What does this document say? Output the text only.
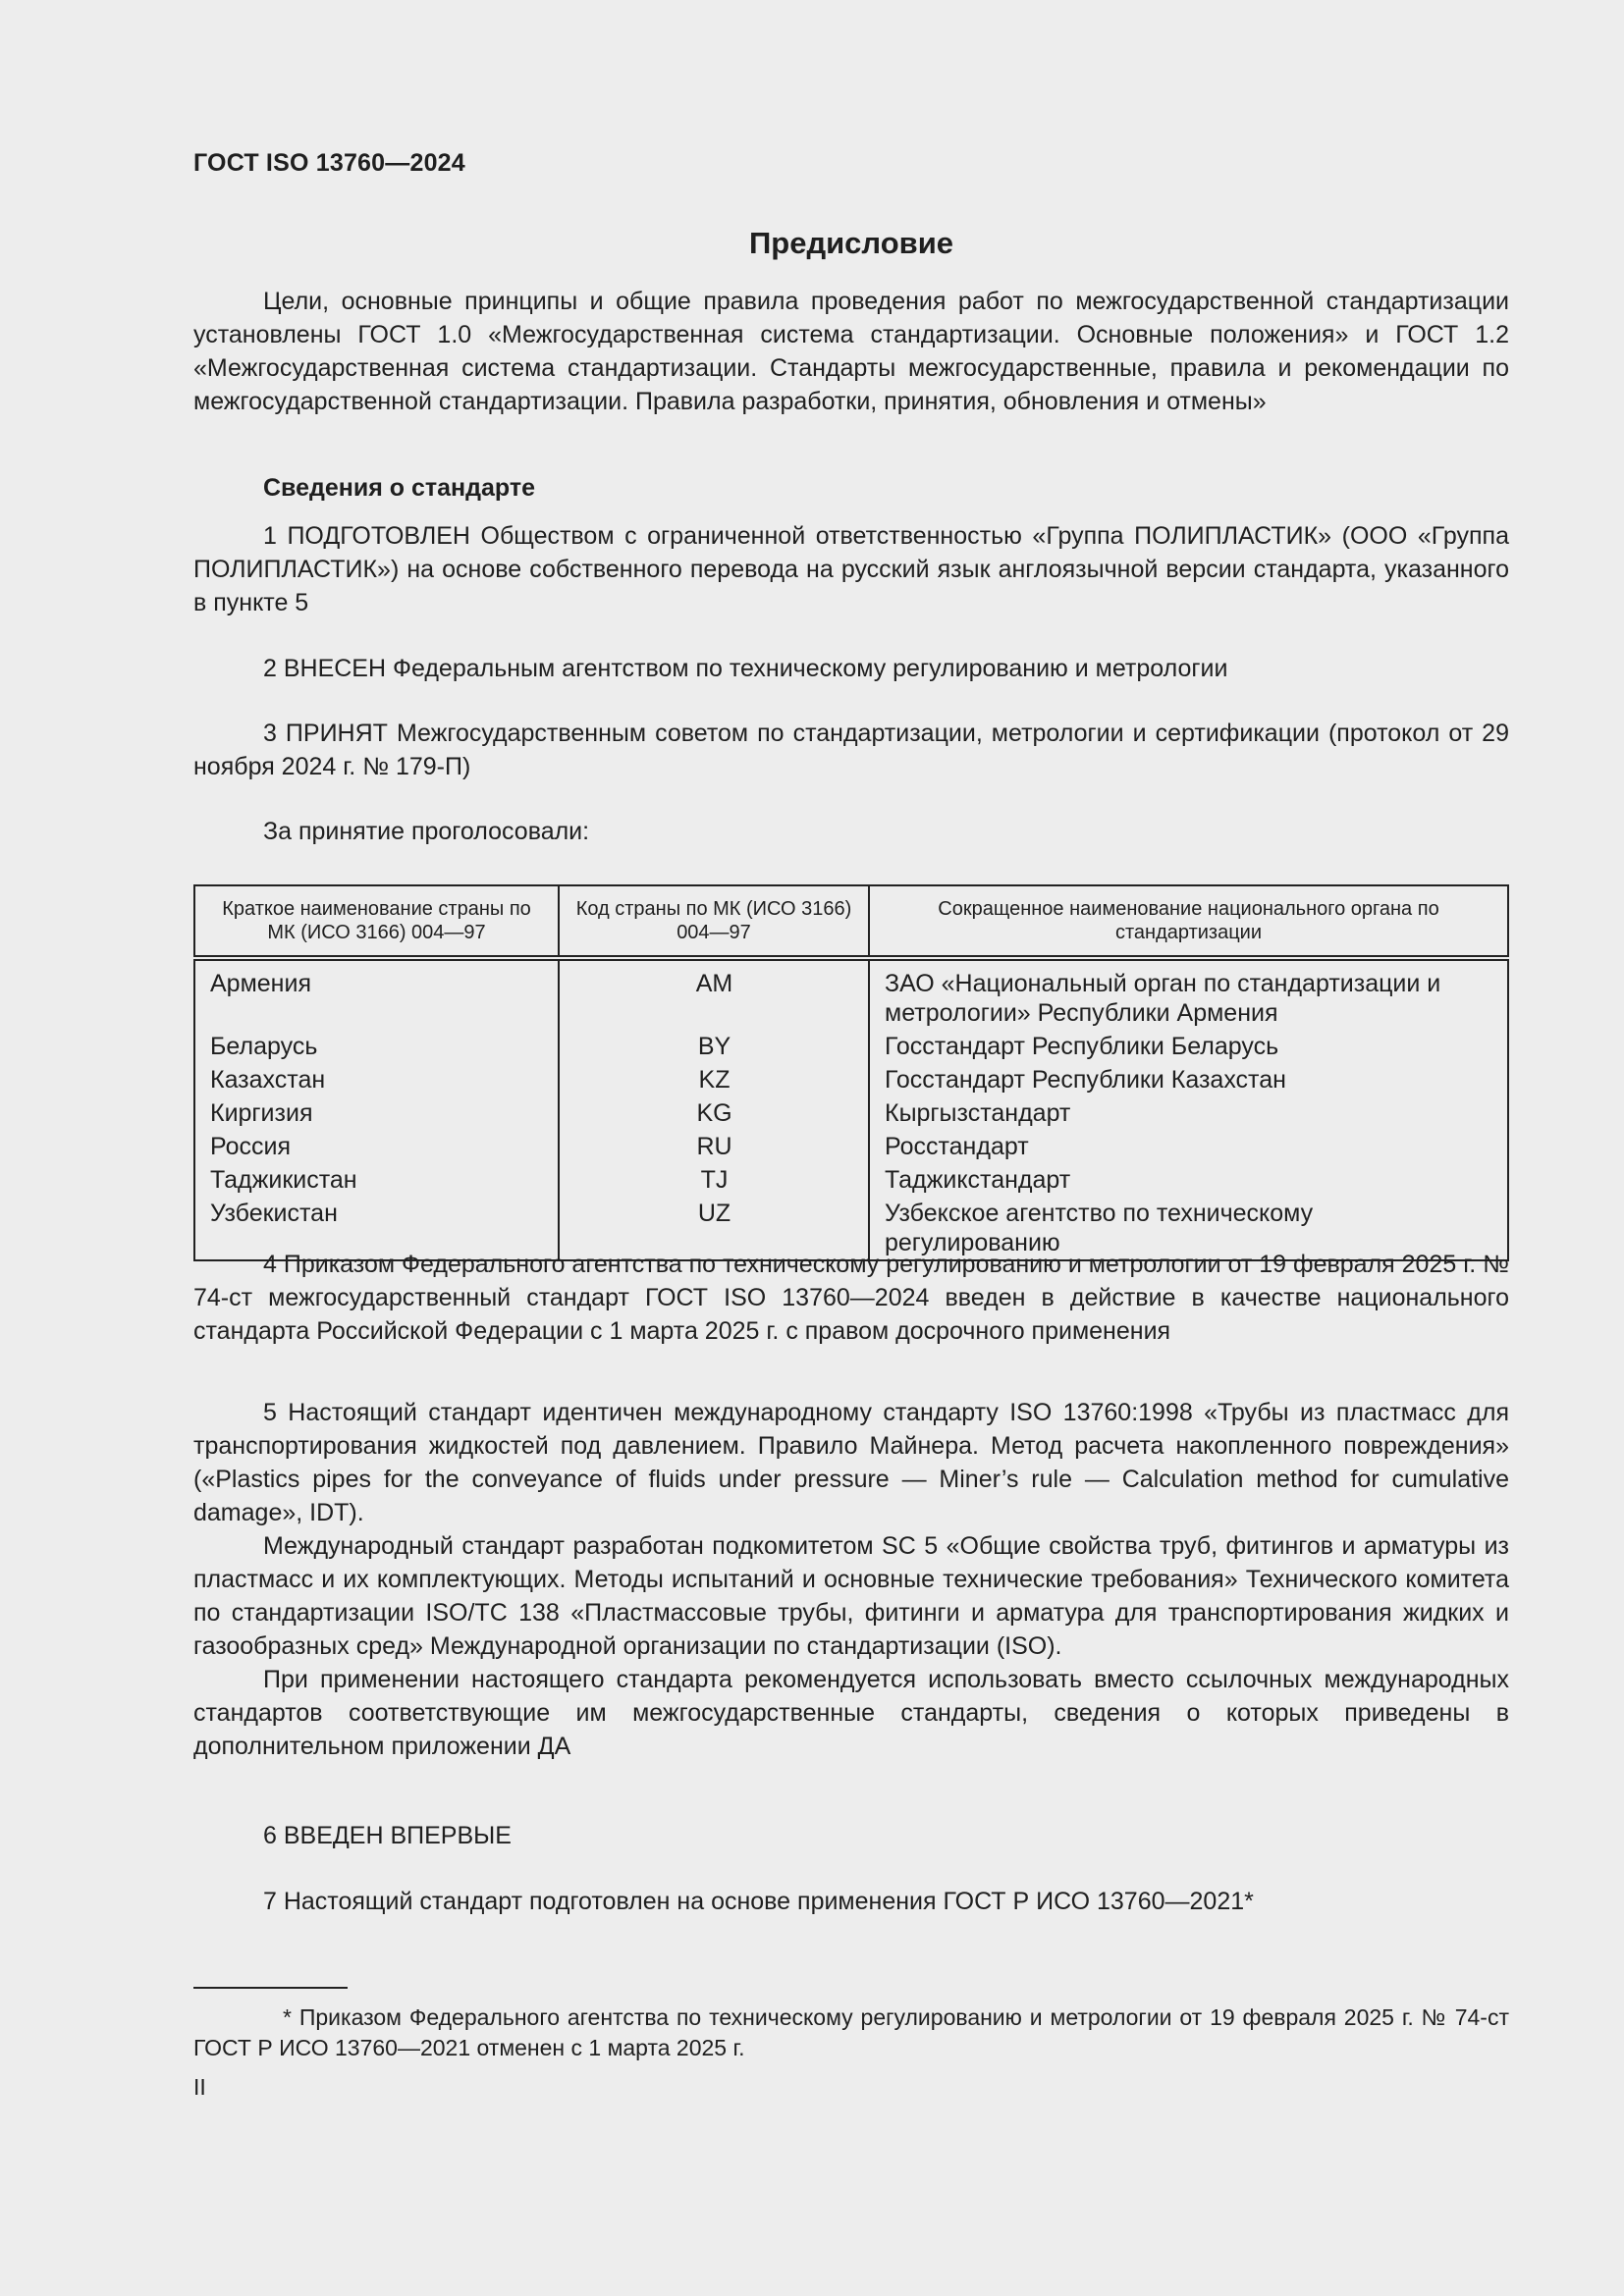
ГОСТ ISO 13760—2024
Предисловие

Цели, основные принципы и общие правила проведения работ по межгосударственной стандартизации установлены ГОСТ 1.0 «Межгосударственная система стандартизации. Основные положения» и ГОСТ 1.2 «Межгосударственная система стандартизации. Стандарты межгосударственные, правила и рекомендации по межгосударственной стандартизации. Правила разработки, принятия, обновления и отмены»

Сведения о стандарте

1 ПОДГОТОВЛЕН Обществом с ограниченной ответственностью «Группа ПОЛИПЛАСТИК» (ООО «Группа ПОЛИПЛАСТИК») на основе собственного перевода на русский язык англоязычной версии стандарта, указанного в пункте 5

2 ВНЕСЕН Федеральным агентством по техническому регулированию и метрологии

3 ПРИНЯТ Межгосударственным советом по стандартизации, метрологии и сертификации (протокол от 29 ноября 2024 г. № 179-П)

За принятие проголосовали:

Краткое наименование страны по МК (ИСО 3166) 004—97	Код страны по МК (ИСО 3166) 004—97	Сокращенное наименование национального органа по стандартизации
Армения	AM	ЗАО «Национальный орган по стандартизации и метрологии» Республики Армения
Беларусь	BY	Госстандарт Республики Беларусь
Казахстан	KZ	Госстандарт Республики Казахстан
Киргизия	KG	Кыргызстандарт
Россия	RU	Росстандарт
Таджикистан	TJ	Таджикстандарт
Узбекистан	UZ	Узбекское агентство по техническому регулированию

4 Приказом Федерального агентства по техническому регулированию и метрологии от 19 февраля 2025 г. № 74-ст межгосударственный стандарт ГОСТ ISO 13760—2024 введен в действие в качестве национального стандарта Российской Федерации с 1 марта 2025 г. с правом досрочного применения

5 Настоящий стандарт идентичен международному стандарту ISO 13760:1998 «Трубы из пластмасс для транспортирования жидкостей под давлением. Правило Майнера. Метод расчета накопленного повреждения» («Plastics pipes for the conveyance of fluids under pressure — Miner’s rule — Calculation method for cumulative damage», IDT).

Международный стандарт разработан подкомитетом SC 5 «Общие свойства труб, фитингов и арматуры из пластмасс и их комплектующих. Методы испытаний и основные технические требования» Технического комитета по стандартизации ISO/TC 138 «Пластмассовые трубы, фитинги и арматура для транспортирования жидких и газообразных сред» Международной организации по стандартизации (ISO).

При применении настоящего стандарта рекомендуется использовать вместо ссылочных международных стандартов соответствующие им межгосударственные стандарты, сведения о которых приведены в дополнительном приложении ДА

6 ВВЕДЕН ВПЕРВЫЕ

7 Настоящий стандарт подготовлен на основе применения ГОСТ Р ИСО 13760—2021*

* Приказом Федерального агентства по техническому регулированию и метрологии от 19 февраля 2025 г. № 74-ст ГОСТ Р ИСО 13760—2021 отменен с 1 марта 2025 г.

II
